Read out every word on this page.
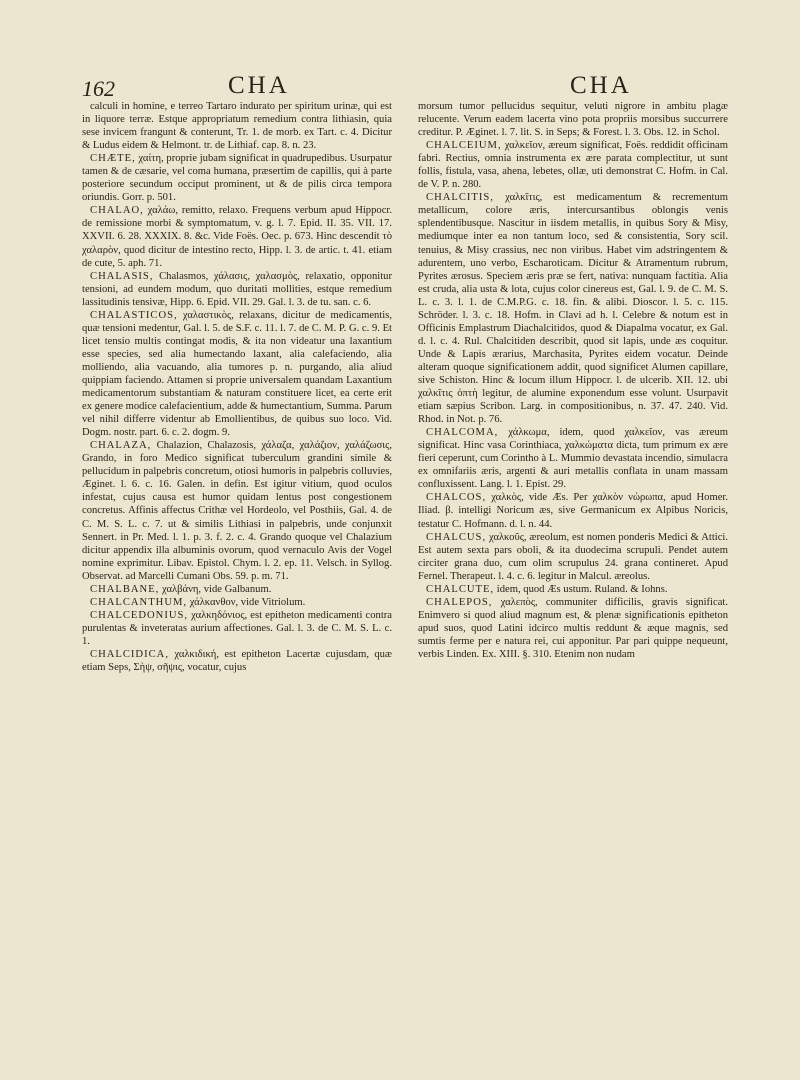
162	CHA	CHA

calculi in homine, e terreo Tartaro indurato per spiritum urinæ, qui est in liquore terræ. Estque appropriatum remedium contra lithiasin, quia sese invicem frangunt & conterunt, Tr. 1. de morb. ex Tart. c. 4. Dicitur & Ludus eidem & Helmont. tr. de Lithiaf. cap. 8. n. 23.

CHÆTE, χαίτη, proprie jubam significat in quadrupedibus. Usurpatur tamen & de cæsarie, vel coma humana, præsertim de capillis, qui à parte posteriore secundum occiput prominent, ut & de pilis circa tempora oriundis. Gorr. p. 501.

CHALAO, χαλάω, remitto, relaxo. Frequens verbum apud Hippocr. de remissione morbi & symptomatum, v. g. l. 7. Epid. II. 35. VII. 17. XXVII. 6. 28. XXXIX. 8. &c. Vide Foës. Oec. p. 673. Hinc descendit τὸ χαλαρὸν, quod dicitur de intestino recto, Hipp. l. 3. de artic. t. 41. etiam de cute, 5. aph. 71.

CHALASIS, Chalasmos, χάλασις, χαλασμὸς, relaxatio, opponitur tensioni, ad eundem modum, quo duritati mollities, estque remedium lassitudinis tensivæ, Hipp. 6. Epid. VII. 29. Gal. l. 3. de tu. san. c. 6.

CHALASTICOS, χαλαστικὸς, relaxans, dicitur de medicamentis, quæ tensioni medentur, Gal. l. 5. de S.F. c. 11. l. 7. de C. M. P. G. c. 9. Et licet tensio multis contingat modis, & ita non videatur una laxantium esse species, sed alia humectando laxant, alia calefaciendo, alia molliendo, alia vacuando, alia tumores p. n. purgando, alia aliud quippiam faciendo. Attamen si proprie universalem quandam Laxantium medicamentorum substantiam & naturam constituere licet, ea certe erit ex genere modice calefacientium, adde & humectantium, Summa. Parum vel nihil differre videntur ab Emollientibus, de quibus suo loco. Vid. Dogm. nostr. part. 6. c. 2. dogm. 9.

CHALAZA, Chalazion, Chalazosis, χάλαζα, χαλάζιον, χαλάζωσις, Grando, in foro Medico significat tuberculum grandini simile & pellucidum in palpebris concretum, otiosi humoris in palpebris colluvies, Æginet. l. 6. c. 16. Galen. in defin. Est igitur vitium, quod oculos infestat, cujus causa est humor quidam lentus post congestionem concretus. Affinis affectus Crithæ vel Hordeolo, vel Posthiis, Gal. 4. de C. M. S. L. c. 7. ut & similis Lithiasi in palpebris, unde conjunxit Sennert. in Pr. Med. l. 1. p. 3. f. 2. c. 4. Grando quoque vel Chalazium dicitur appendix illa albuminis ovorum, quod vernaculo Avis der Vogel nomine exprimitur. Libav. Epistol. Chym. l. 2. ep. 11. Velsch. in Syllog. Observat. ad Marcelli Cumani Obs. 59. p. m. 71.

CHALBANE, χαλβάνη, vide Galbanum.

CHALCANTHUM, χάλκανθον, vide Vitriolum.

CHALCEDONIUS, χαλκηδόνιος, est epitheton medicamenti contra purulentas & inveteratas aurium affectiones. Gal. l. 3. de C. M. S. L. c. 1.

CHALCIDICA, χαλκιδική, est epitheton Lacertæ cujusdam, quæ etiam Seps, Σὴψ, σῆψις, vocatur, cujus

morsum tumor pellucidus sequitur, veluti nigrore in ambitu plagæ relucente. Verum eadem lacerta vino pota propriis morsibus succurrere creditur. P. Æginet. l. 7. lit. S. in Seps; & Forest. l. 3. Obs. 12. in Schol.

CHALCEIUM, χαλκεῖον, æreum significat, Foës. reddidit officinam fabri. Rectius, omnia instrumenta ex ære parata complectitur, ut sunt follis, fistula, vasa, ahena, lebetes, ollæ, uti demonstrat C. Hofm. in Cal. de V. P. n. 280.

CHALCITIS, χαλκῖτις, est medicamentum & recrementum metallicum, colore æris, intercursantibus oblongis venis splendentibusque. Nascitur in iisdem metallis, in quibus Sory & Misy, mediumque inter ea non tantum loco, sed & consistentia, Sory scil. tenuius, & Misy crassius, nec non viribus. Habet vim adstringentem & adurentem, uno verbo, Escharoticam. Dicitur & Atramentum rubrum, Pyrites ærosus. Speciem æris præ se fert, nativa: nunquam factitia. Alia est cruda, alia usta & lota, cujus color cinereus est, Gal. l. 9. de C. M. S. L. c. 3. l. 1. de C.M.P.G. c. 18. fin. & alibi. Dioscor. l. 5. c. 115. Schröder. l. 3. c. 18. Hofm. in Clavi ad h. l. Celebre & notum est in Officinis Emplastrum Diachalcitidos, quod & Diapalma vocatur, ex Gal. d. l. c. 4. Rul. Chalcitiden describit, quod sit lapis, unde æs coquitur. Unde & Lapis ærarius, Marchasita, Pyrites eidem vocatur. Deinde alteram quoque significationem addit, quod significet Alumen capillare, sive Schiston. Hinc & locum illum Hippocr. l. de ulcerib. XII. 12. ubi χαλκῖτις ὀπτὴ legitur, de alumine exponendum esse volunt. Usurpavit etiam sæpius Scribon. Larg. in compositionibus, n. 37. 47. 240. Vid. Rhod. in Not. p. 76.

CHALCOMA, χάλκωμα, idem, quod χαλκεῖον, vas æreum significat. Hinc vasa Corinthiaca, χαλκώματα dicta, tum primum ex ære fieri ceperunt, cum Corintho à L. Mummio devastata incendio, simulacra ex omnifariis æris, argenti & auri metallis conflata in unam massam confluxissent. Lang. l. 1. Epist. 29.

CHALCOS, χαλκὸς, vide Æs. Per χαλκὸν νώρωπα, apud Homer. Iliad. β. intelligi Noricum æs, sive Germanicum ex Alpibus Noricis, testatur C. Hofmann. d. l. n. 44.

CHALCUS, χαλκοῦς, æreolum, est nomen ponderis Medici & Attici. Est autem sexta pars oboli, & ita duodecima scrupuli. Pendet autem circiter grana duo, cum olim scrupulus 24. grana contineret. Apud Fernel. Therapeut. l. 4. c. 6. legitur in Malcul. æreolus.

CHALCUTE, idem, quod Æs ustum. Ruland. & Iohns.

CHALEPOS, χαλεπὸς, communiter difficilis, gravis significat. Enimvero si quod aliud magnum est, & plenæ significationis epitheton apud suos, quod Latini idcirco multis reddunt & æque magnis, sed sumtis ferme per e natura rei, cui apponitur. Par pari quippe nequeunt, verbis Linden. Ex. XIII. §. 310. Etenim non nudam
